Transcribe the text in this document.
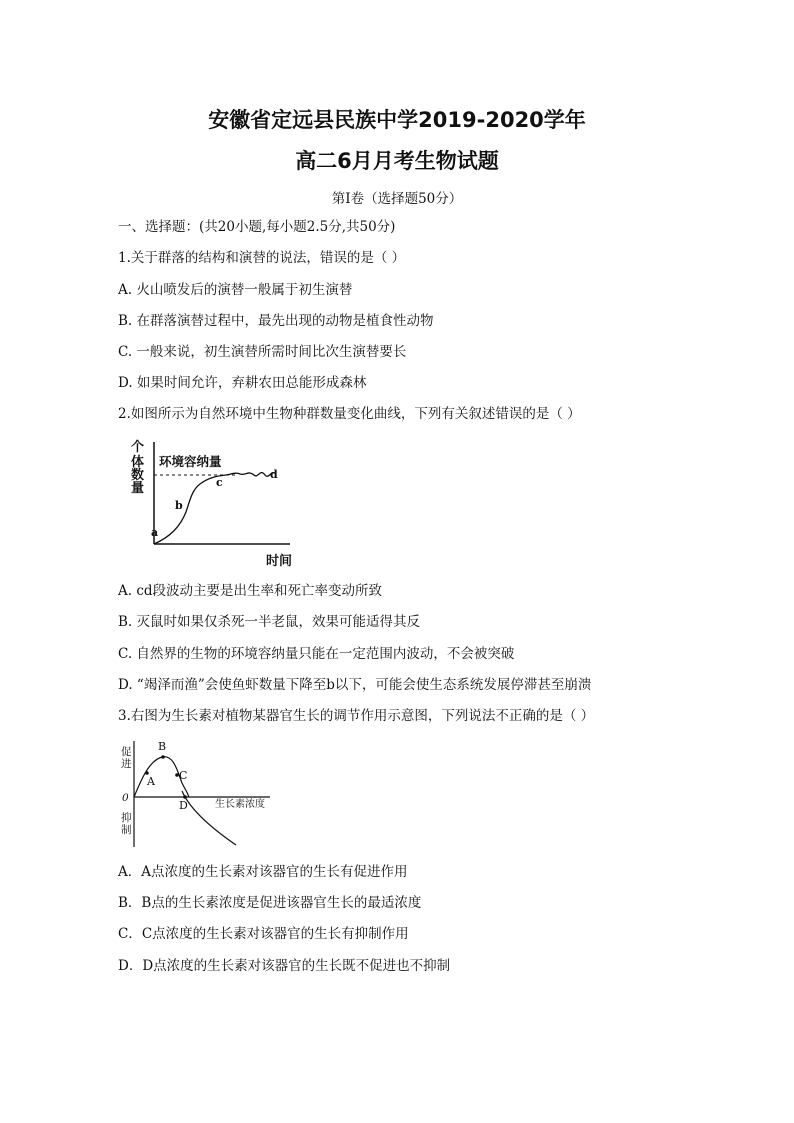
安徽省定远县民族中学2019-2020学年
高二6月月考生物试题
第I卷（选择题50分）
一、选择题：(共20小题,每小题2.5分,共50分)
1.关于群落的结构和演替的说法，错误的是（ ）
A. 火山喷发后的演替一般属于初生演替
B. 在群落演替过程中，最先出现的动物是植食性动物
C. 一般来说，初生演替所需时间比次生演替要长
D. 如果时间允许，弃耕农田总能形成森林
2.如图所示为自然环境中生物种群数量变化曲线，下列有关叙述错误的是（ ）
个 体 数 量
环境容纳量
a
b
c
d
时间
A. cd段波动主要是出生率和死亡率变动所致
B. 灭鼠时如果仅杀死一半老鼠，效果可能适得其反
C. 自然界的生物的环境容纳量只能在一定范围内波动，不会被突破
D. “竭泽而渔”会使鱼虾数量下降至b以下，可能会使生态系统发展停滞甚至崩溃
3.右图为生长素对植物某器官生长的调节作用示意图，下列说法不正确的是（ ）
促 进
抑 制
0
生长素浓度
A
B
C
D
A．A点浓度的生长素对该器官的生长有促进作用
B．B点的生长素浓度是促进该器官生长的最适浓度
C．C点浓度的生长素对该器官的生长有抑制作用
D．D点浓度的生长素对该器官的生长既不促进也不抑制
